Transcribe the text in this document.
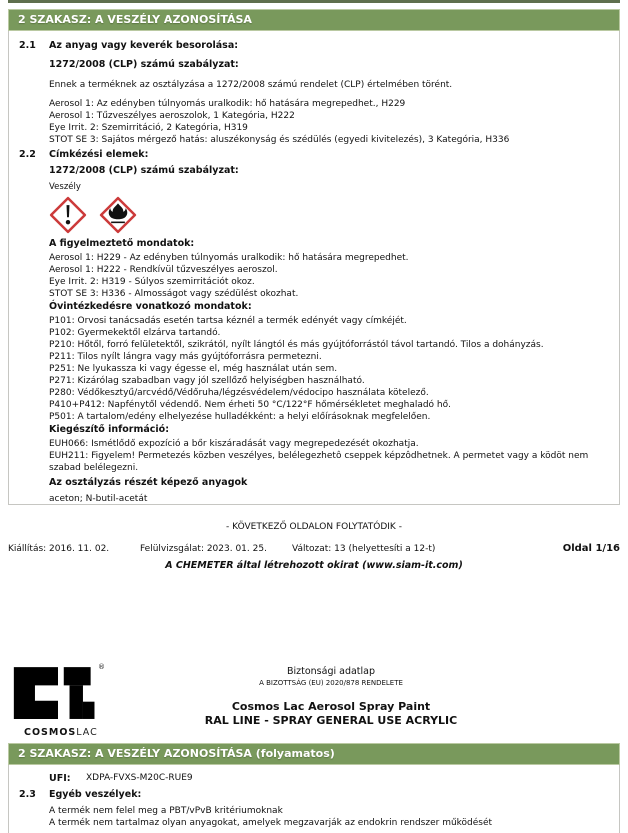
2 SZAKASZ: A VESZÉLY AZONOSÍTÁSA
2.1	Az anyag vagy keverék besorolása:
1272/2008 (CLP) számú szabályzat:
Ennek a terméknek az osztályzása a 1272/2008 számú rendelet (CLP) értelmében törént.
Aerosol 1: Az edényben túlnyomás uralkodik: hő hatására megrepedhet., H229
Aerosol 1: Tűzveszélyes aeroszolok, 1 Kategória, H222
Eye Irrit. 2: Szemirritáció, 2 Kategória, H319
STOT SE 3: Sajátos mérgező hatás: aluszékonyság és szédülés (egyedi kivitelezés), 3 Kategória, H336
2.2	Címkézési elemek:
1272/2008 (CLP) számú szabályzat:
Veszély
A figyelmeztető mondatok:
Aerosol 1: H229 - Az edényben túlnyomás uralkodik: hő hatására megrepedhet.
Aerosol 1: H222 - Rendkívül tűzveszélyes aeroszol.
Eye Irrit. 2: H319 - Súlyos szemirritációt okoz.
STOT SE 3: H336 - Almosságot vagy szédülést okozhat.
Óvintézkedésre vonatkozó mondatok:
P101: Orvosi tanácsadás esetén tartsa kéznél a termék edényét vagy címkéjét.
P102: Gyermekektől elzárva tartandó.
P210: Hőtől, forró felületektől, szikrától, nyílt lángtól és más gyújtóforrástól távol tartandó. Tilos a dohányzás.
P211: Tilos nyílt lángra vagy más gyújtóforrásra permetezni.
P251: Ne lyukassza ki vagy égesse el, még használat után sem.
P271: Kizárólag szabadban vagy jól szellőző helyiségben használható.
P280: Védőkesztyű/arcvédő/Védőruha/légzésvédelem/védocipo használata kötelező.
P410+P412: Napfénytől védendő. Nem érheti 50 °C/122°F hőmérsékletet meghaladó hő.
P501: A tartalom/edény elhelyezése hulladékként: a helyi előírásoknak megfelelően.
Kiegészítő információ:
EUH066: Ismétlődő expozíció a bőr kiszáradását vagy megrepedezését okozhatja.
EUH211: Figyelem! Permetezés közben veszélyes, belélegezhetô cseppek képzôdhetnek. A permetet vagy a ködöt nem szabad belélegezni.
Az osztályzás részét képező anyagok
aceton; N-butil-acetát
- KÖVETKEZŐ OLDALON FOLYTATÓDIK -
Kiállítás: 2016. 11. 02.	Felülvizsgálat: 2023. 01. 25.	Változat: 13 (helyettesíti a 12-t)	Oldal 1/16
A CHEMETER által létrehozott okirat (www.siam-it.com)
®
COSMOSLAC
Biztonsági adatlap
A BIZOTTSÁG (EU) 2020/878 RENDELETE
Cosmos Lac Aerosol Spray Paint
RAL LINE - SPRAY GENERAL USE ACRYLIC
2 SZAKASZ: A VESZÉLY AZONOSÍTÁSA (folyamatos)
UFI:	XDPA-FVXS-M20C-RUE9
2.3	Egyéb veszélyek:
A termék nem felel meg a PBT/vPvB kritériumoknak
A termék nem tartalmaz olyan anyagokat, amelyek megzavarják az endokrin rendszer működését
